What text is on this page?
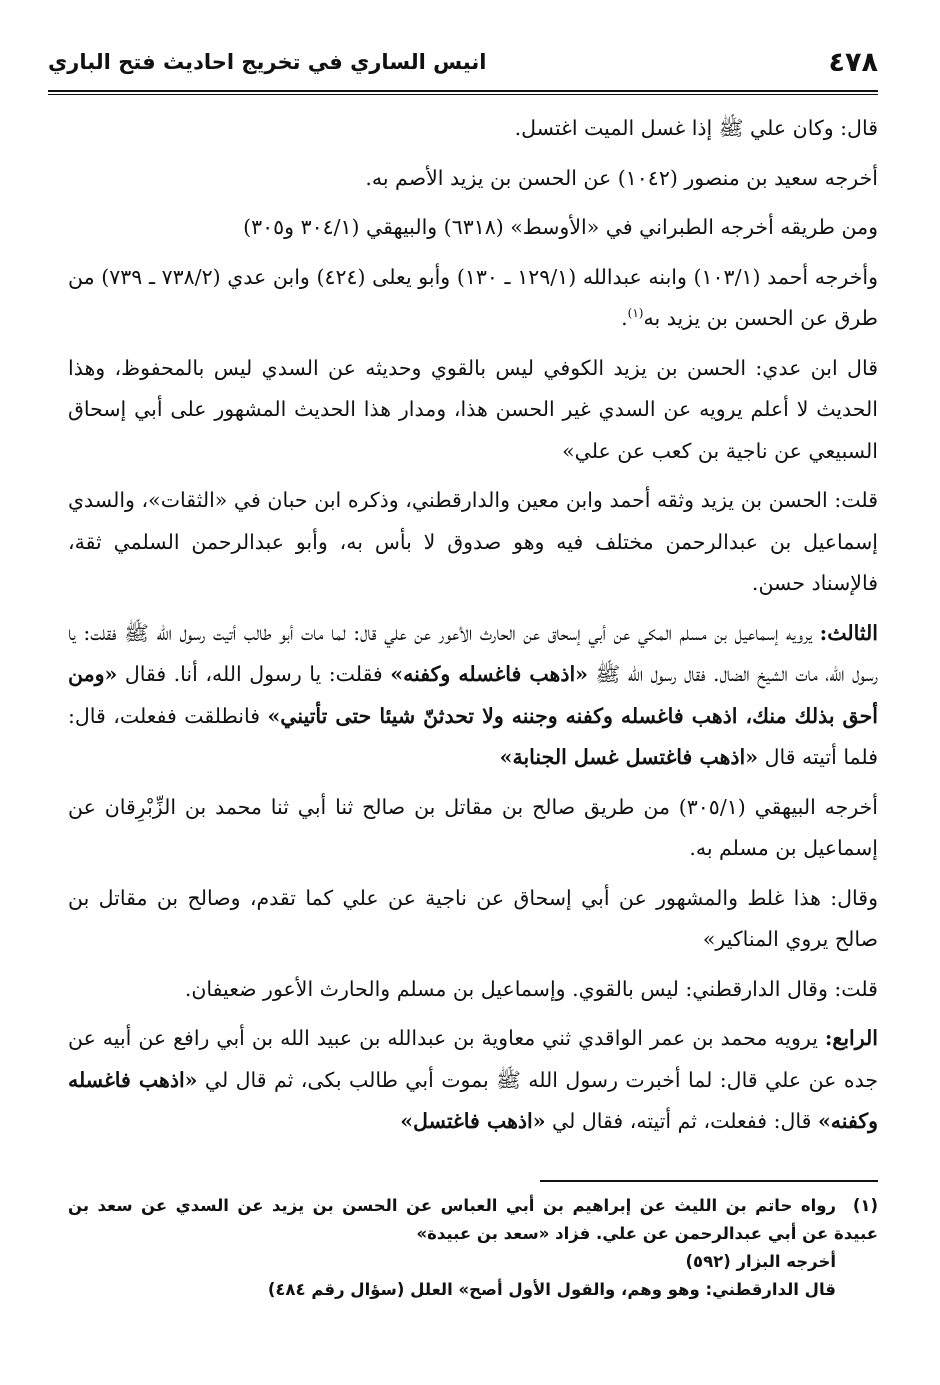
٤٧٨
انيس الساري في تخريج احاديث فتح الباري

قال: وكان علي ﷺ إذا غسل الميت اغتسل.

أخرجه سعيد بن منصور (١٠٤٢) عن الحسن بن يزيد الأصم به.

ومن طريقه أخرجه الطبراني في «الأوسط» (٦٣١٨) والبيهقي (٣٠٤/١ و٣٠٥)

وأخرجه أحمد (١٠٣/١) وابنه عبدالله (١٢٩/١ ـ ١٣٠) وأبو يعلى (٤٢٤) وابن عدي (٧٣٨/٢ ـ ٧٣٩) من طرق عن الحسن بن يزيد به$^{(١)}$.

قال ابن عدي: الحسن بن يزيد الكوفي ليس بالقوي وحديثه عن السدي ليس بالمحفوظ، وهذا الحديث لا أعلم يرويه عن السدي غير الحسن هذا، ومدار هذا الحديث المشهور على أبي إسحاق السبيعي عن ناجية بن كعب عن علي»

قلت: الحسن بن يزيد وثقه أحمد وابن معين والدارقطني، وذكره ابن حبان في «الثقات»، والسدي إسماعيل بن عبدالرحمن مختلف فيه وهو صدوق لا بأس به، وأبو عبدالرحمن السلمي ثقة، فالإسناد حسن.

الثالث: يرويه إسماعيل بن مسلم المكي عن أبي إسحاق عن الحارث الأعور عن علي قال: لما مات أبو طالب أتيت رسول الله ﷺ فقلت: يا رسول الله، مات الشيخ الضال. فقال رسول الله ﷺ «اذهب فاغسله وكفنه» فقلت: يا رسول الله، أنا. فقال «ومن أحق بذلك منك، اذهب فاغسله وكفنه وجننه ولا تحدثنّ شيئا حتى تأتيني» فانطلقت ففعلت، قال: فلما أتيته قال «اذهب فاغتسل غسل الجنابة»

أخرجه البيهقي (٣٠٥/١) من طريق صالح بن مقاتل بن صالح ثنا أبي ثنا محمد بن الزِّبْرِقان عن إسماعيل بن مسلم به.

وقال: هذا غلط والمشهور عن أبي إسحاق عن ناجية عن علي كما تقدم، وصالح بن مقاتل بن صالح يروي المناكير»

قلت: وقال الدارقطني: ليس بالقوي. وإسماعيل بن مسلم والحارث الأعور ضعيفان.

الرابع: يرويه محمد بن عمر الواقدي ثني معاوية بن عبدالله بن عبيد الله بن أبي رافع عن أبيه عن جده عن علي قال: لما أخبرت رسول الله ﷺ بموت أبي طالب بكى، ثم قال لي «اذهب فاغسله وكفنه» قال: ففعلت، ثم أتيته، فقال لي «اذهب فاغتسل»

(١)رواه حاتم بن الليث عن إبراهيم بن أبي العباس عن الحسن بن يزيد عن السدي عن سعد بن عبيدة عن أبي عبدالرحمن عن علي. فزاد «سعد بن عبيدة»

أخرجه البزار (٥٩٢)

قال الدارقطني: وهو وهم، والقول الأول أصح» العلل (سؤال رقم ٤٨٤)
